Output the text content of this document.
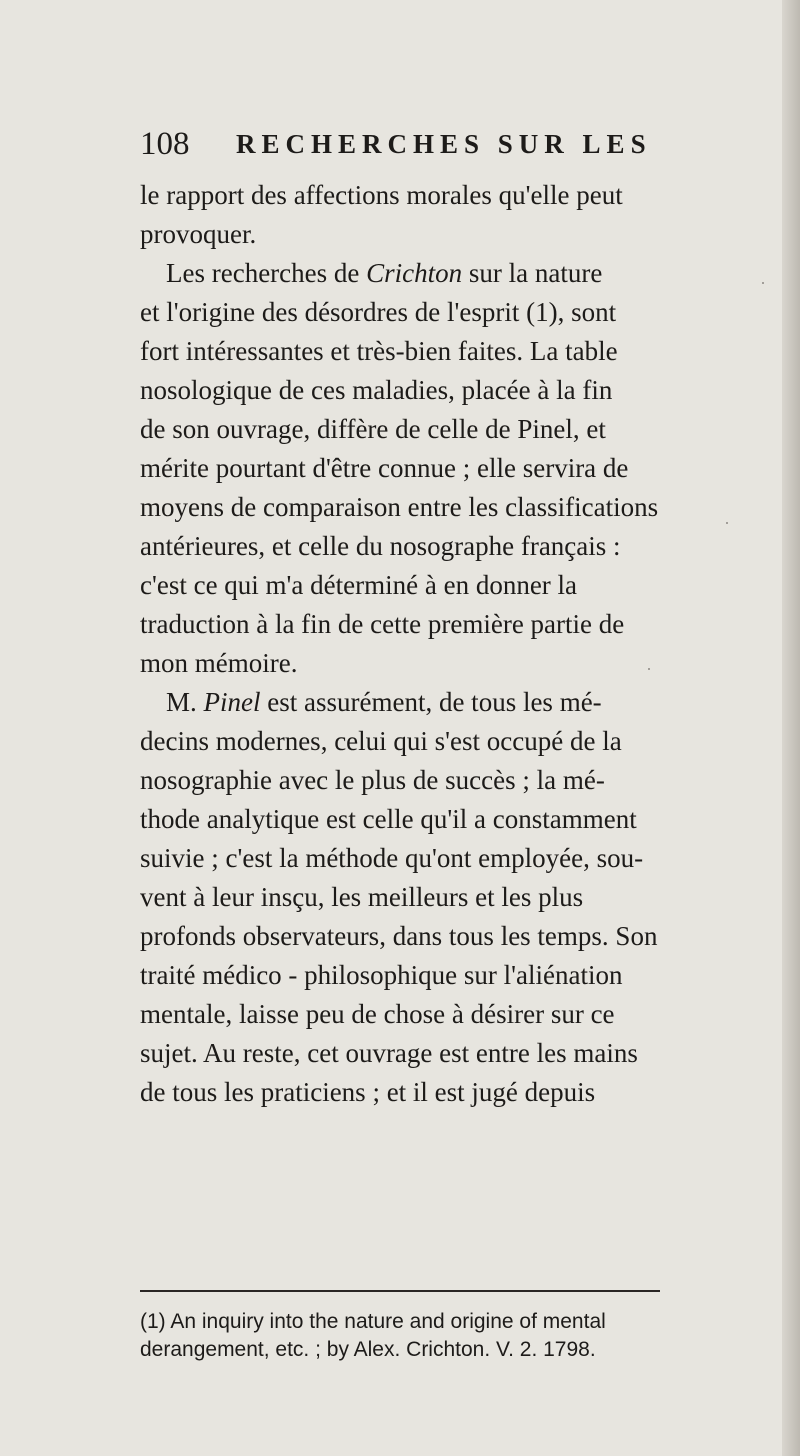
108 RECHERCHES SUR LES
le rapport des affections morales qu'elle peut
provoquer.
Les recherches de Crichton sur la nature
et l'origine des désordres de l'esprit (1), sont
fort intéressantes et très-bien faites. La table
nosologique de ces maladies, placée à la fin
de son ouvrage, diffère de celle de Pinel, et
mérite pourtant d'être connue ; elle servira de
moyens de comparaison entre les classifications
antérieures, et celle du nosographe français :
c'est ce qui m'a déterminé à en donner la
traduction à la fin de cette première partie de
mon mémoire.
M. Pinel est assurément, de tous les mé-
decins modernes, celui qui s'est occupé de la
nosographie avec le plus de succès ; la mé-
thode analytique est celle qu'il a constamment
suivie ; c'est la méthode qu'ont employée, sou-
vent à leur insçu, les meilleurs et les plus
profonds observateurs, dans tous les temps. Son
traité médico - philosophique sur l'aliénation
mentale, laisse peu de chose à désirer sur ce
sujet. Au reste, cet ouvrage est entre les mains
de tous les praticiens ; et il est jugé depuis
(1) An inquiry into the nature and origine of mental
derangement, etc. ; by Alex. Crichton. V. 2. 1798.
